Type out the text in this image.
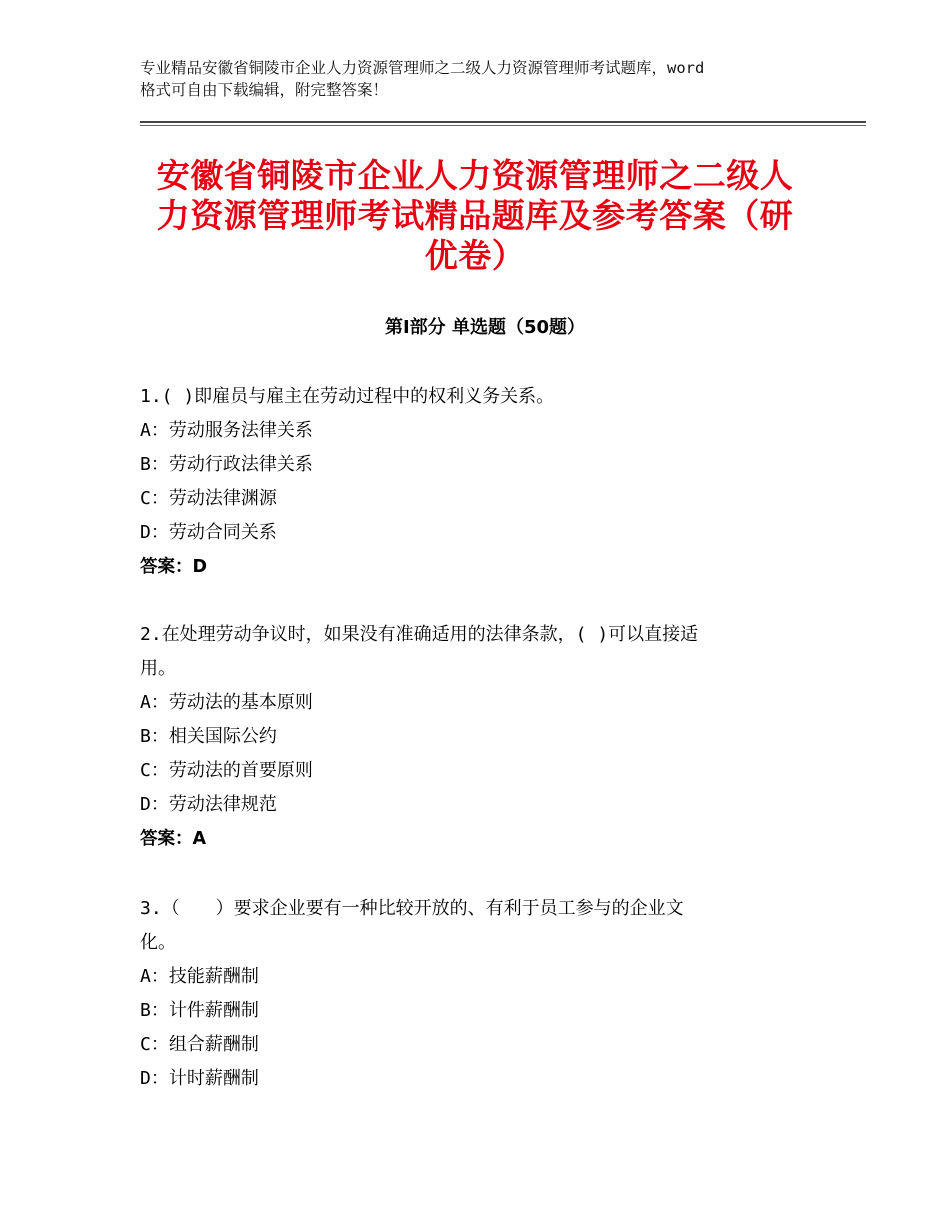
专业精品安徽省铜陵市企业人力资源管理师之二级人力资源管理师考试题库，word
格式可自由下载编辑，附完整答案！
安徽省铜陵市企业人力资源管理师之二级人
力资源管理师考试精品题库及参考答案（研
优卷）
第Ⅰ部分 单选题（50题）
1.( )即雇员与雇主在劳动过程中的权利义务关系。
A：劳动服务法律关系
B：劳动行政法律关系
C：劳动法律渊源
D：劳动合同关系
答案：D
2.在处理劳动争议时，如果没有准确适用的法律条款，( )可以直接适
用。
A：劳动法的基本原则
B：相关国际公约
C：劳动法的首要原则
D：劳动法律规范
答案：A
3.（　　）要求企业要有一种比较开放的、有利于员工参与的企业文
化。
A：技能薪酬制
B：计件薪酬制
C：组合薪酬制
D：计时薪酬制
